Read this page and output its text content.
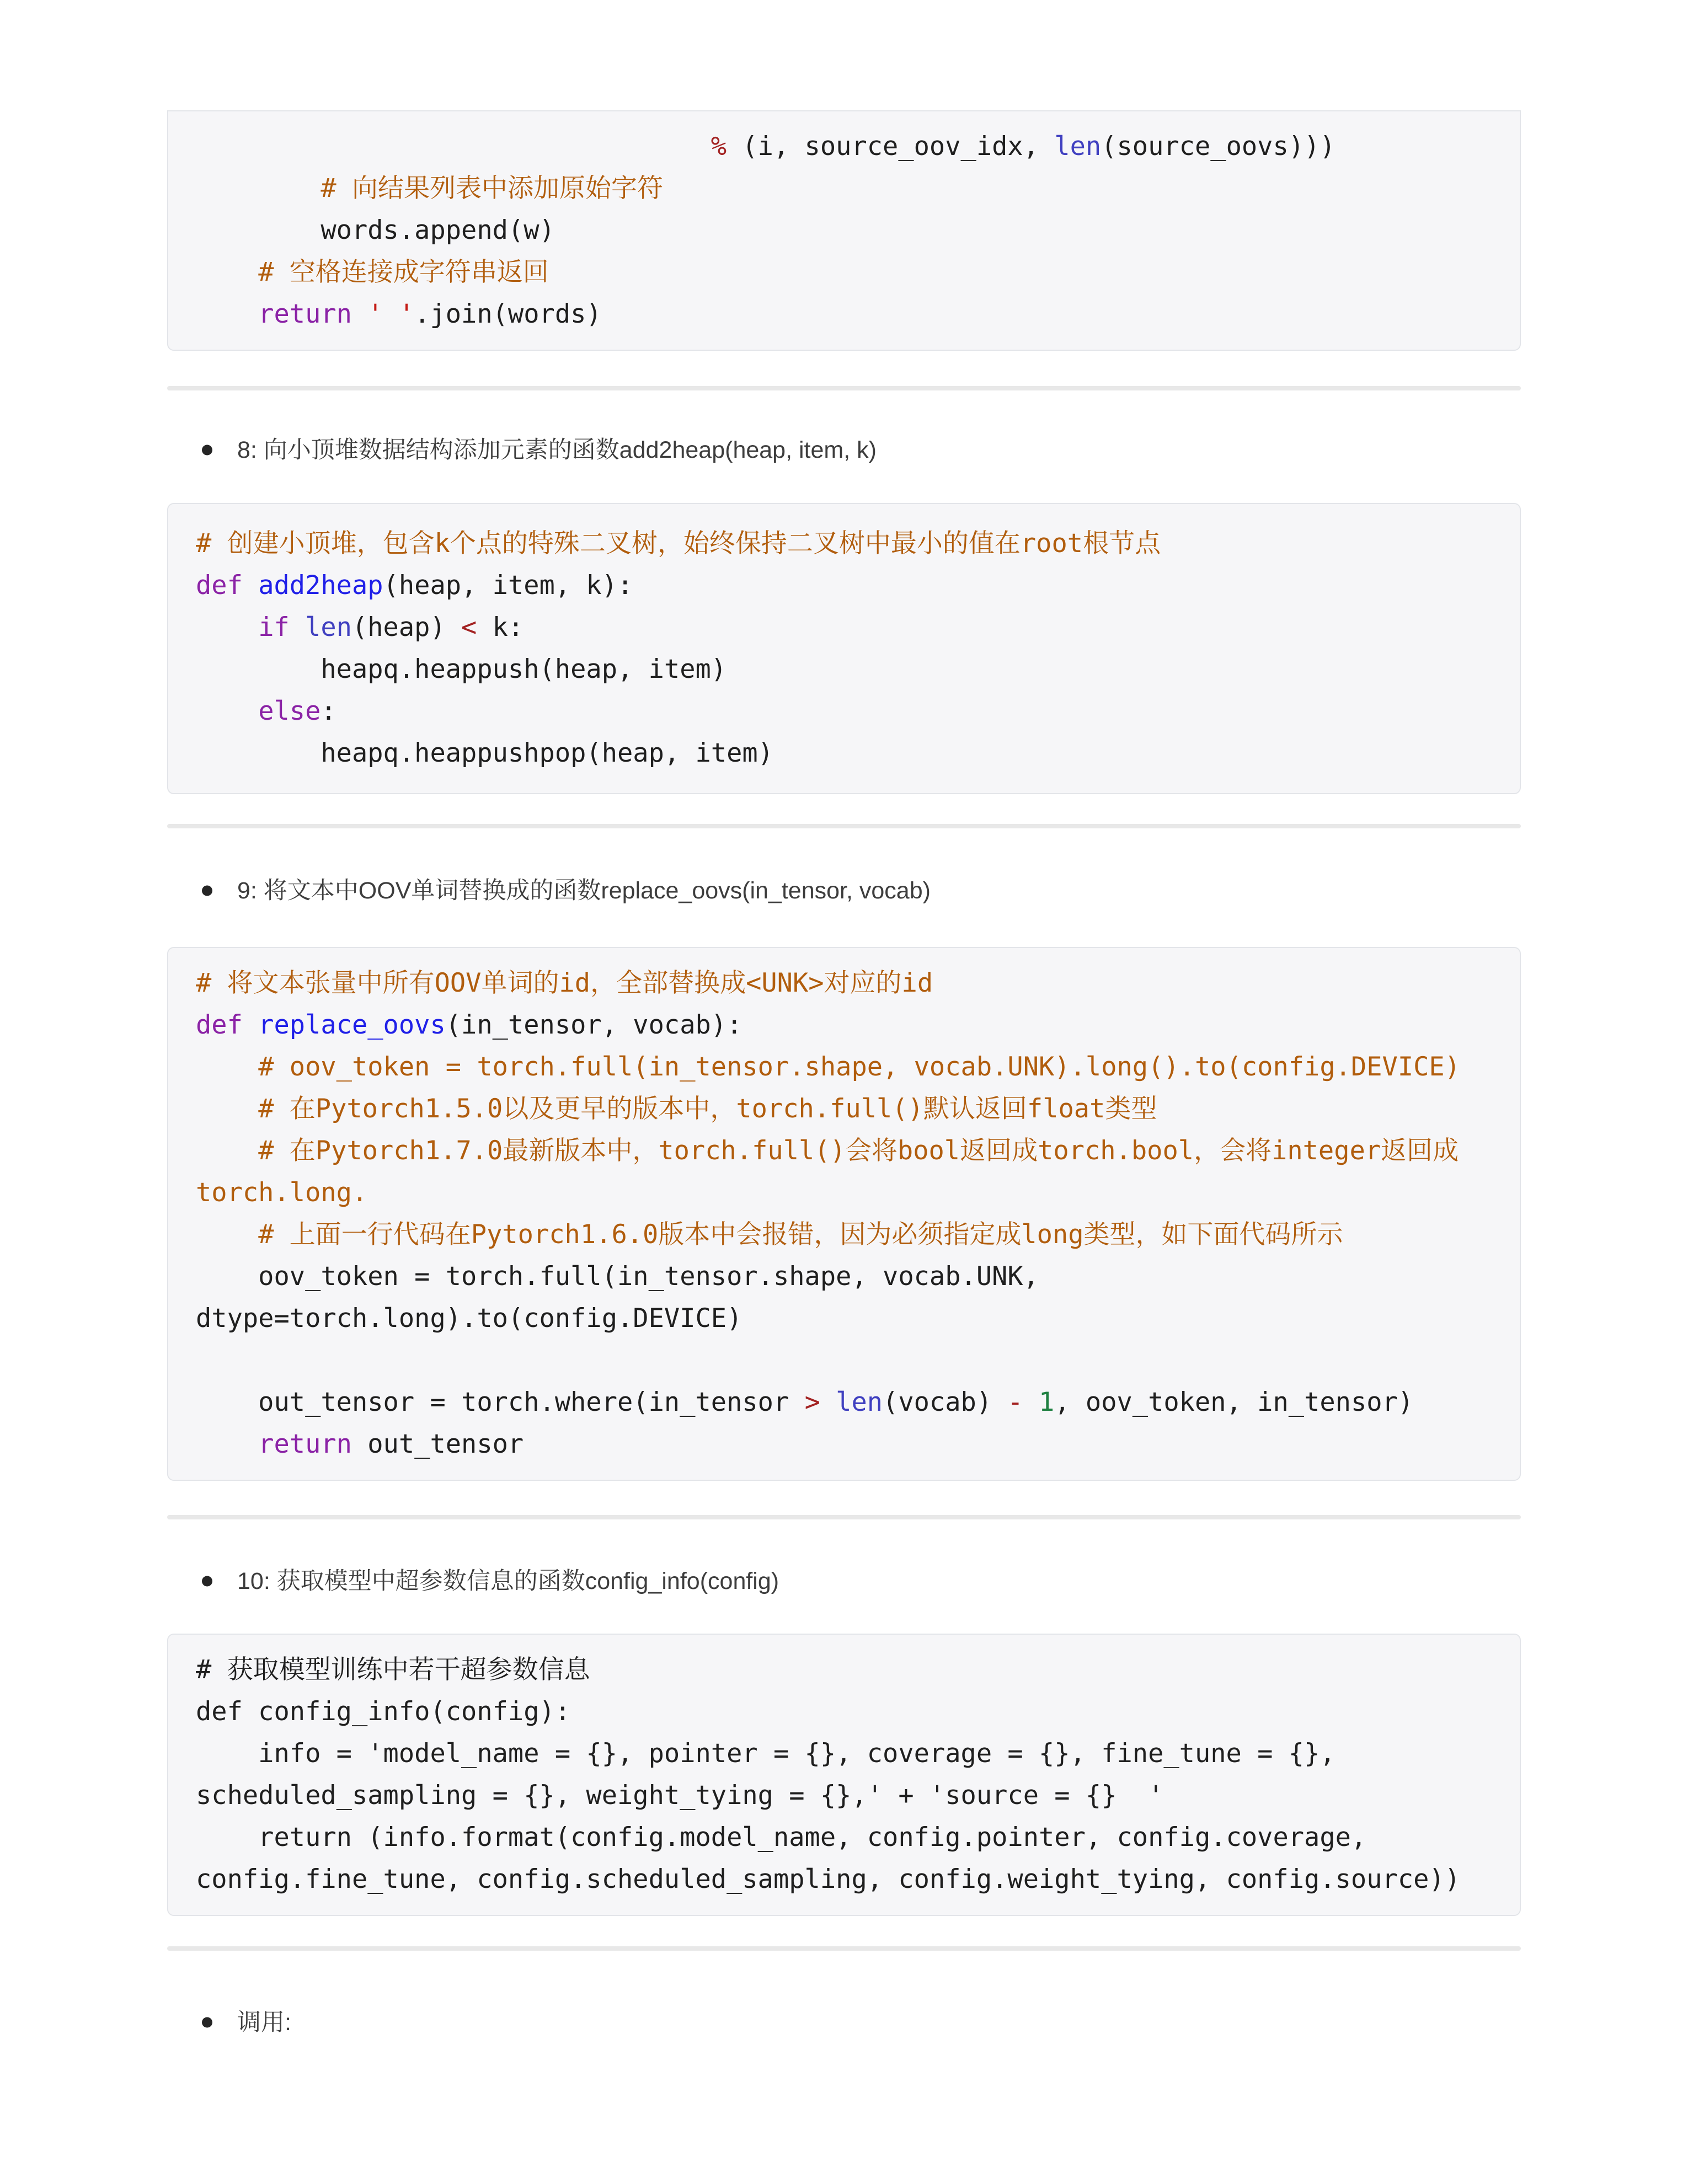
% (i, source_oov_idx, len(source_oovs)))
# 向结果列表中添加原始字符
words.append(w)
# 空格连接成字符串返回
return ' '.join(words)
8: 向小顶堆数据结构添加元素的函数add2heap(heap, item, k)
# 创建小顶堆，包含k个点的特殊二叉树，始终保持二叉树中最小的值在root根节点
def add2heap(heap, item, k):
if len(heap) < k:
heapq.heappush(heap, item)
else:
heapq.heappushpop(heap, item)
9: 将文本中OOV单词替换成的函数replace_oovs(in_tensor, vocab)
# 将文本张量中所有OOV单词的id，全部替换成<UNK>对应的id
def replace_oovs(in_tensor, vocab):
# oov_token = torch.full(in_tensor.shape, vocab.UNK).long().to(config.DEVICE)
# 在Pytorch1.5.0以及更早的版本中，torch.full()默认返回float类型
# 在Pytorch1.7.0最新版本中，torch.full()会将bool返回成torch.bool，会将integer返回成
torch.long.
# 上面一行代码在Pytorch1.6.0版本中会报错，因为必须指定成long类型，如下面代码所示
oov_token = torch.full(in_tensor.shape, vocab.UNK,
dtype=torch.long).to(config.DEVICE)

out_tensor = torch.where(in_tensor > len(vocab) - 1, oov_token, in_tensor)
return out_tensor
10: 获取模型中超参数信息的函数config_info(config)
# 获取模型训练中若干超参数信息
def config_info(config):
info = 'model_name = {}, pointer = {}, coverage = {}, fine_tune = {},
scheduled_sampling = {}, weight_tying = {},' + 'source = {}  '
return (info.format(config.model_name, config.pointer, config.coverage,
config.fine_tune, config.scheduled_sampling, config.weight_tying, config.source))
调用:
